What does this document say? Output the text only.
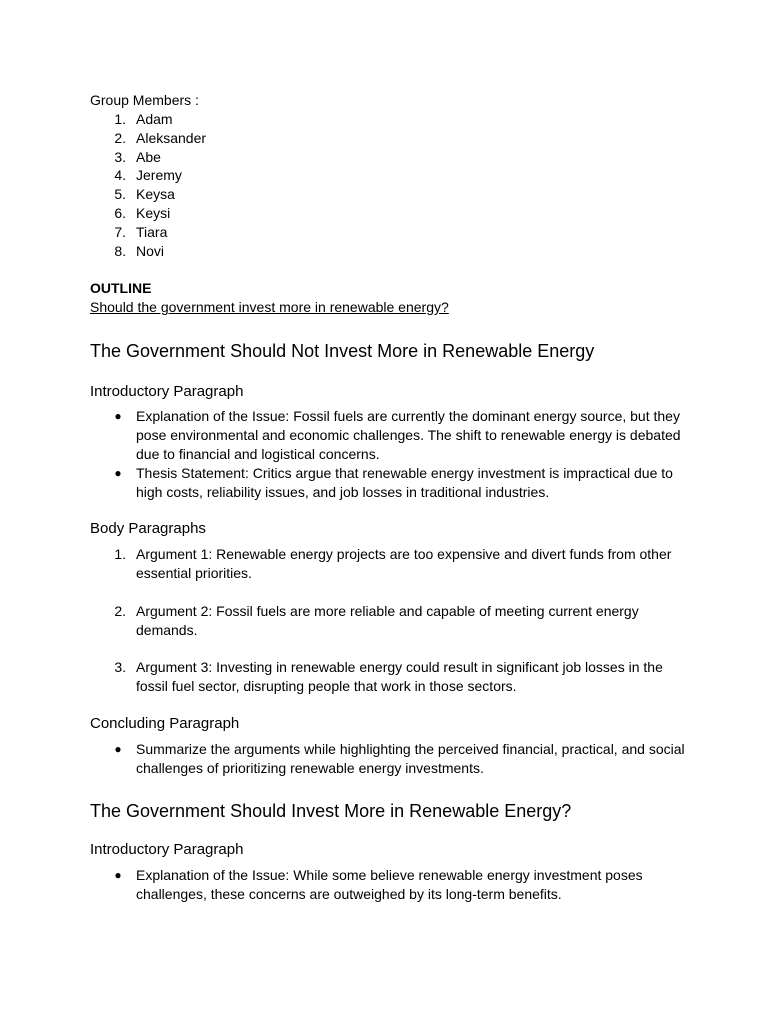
Group Members :

1. Adam
2. Aleksander
3. Abe
4. Jeremy
5. Keysa
6. Keysi
7. Tiara
8. Novi

OUTLINE

Should the government invest more in renewable energy?

The Government Should Not Invest More in Renewable Energy
Introductory Paragraph
● Explanation of the Issue: Fossil fuels are currently the dominant energy source, but they
pose environmental and economic challenges. The shift to renewable energy is debated
due to financial and logistical concerns.
● Thesis Statement: Critics argue that renewable energy investment is impractical due to
high costs, reliability issues, and job losses in traditional industries.
Body Paragraphs
1. Argument 1: Renewable energy projects are too expensive and divert funds from other
essential priorities.
2. Argument 2: Fossil fuels are more reliable and capable of meeting current energy
demands.
3. Argument 3: Investing in renewable energy could result in significant job losses in the
fossil fuel sector, disrupting people that work in those sectors.
Concluding Paragraph
● Summarize the arguments while highlighting the perceived financial, practical, and social
challenges of prioritizing renewable energy investments.
The Government Should Invest More in Renewable Energy?
Introductory Paragraph
● Explanation of the Issue: While some believe renewable energy investment poses
challenges, these concerns are outweighed by its long-term benefits.
